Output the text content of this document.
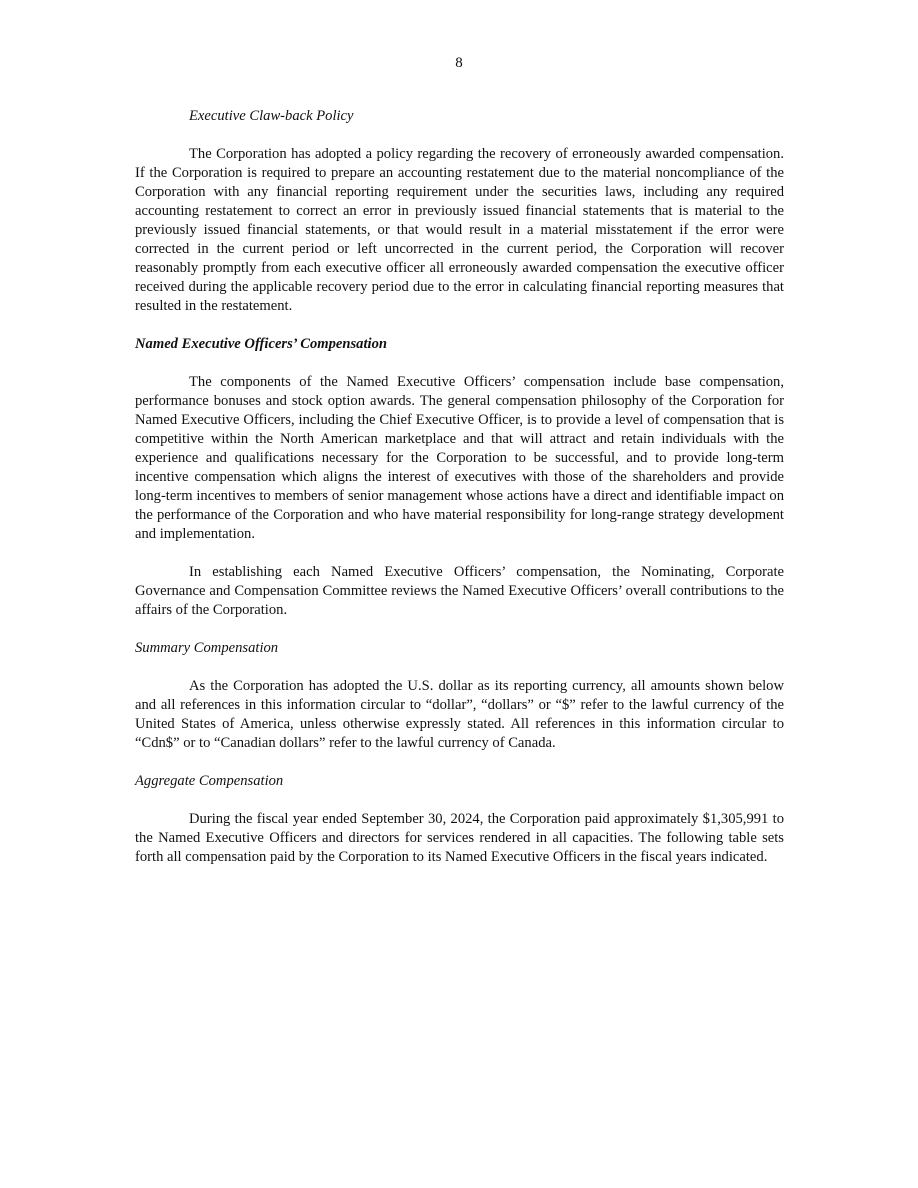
8
Executive Claw-back Policy

The Corporation has adopted a policy regarding the recovery of erroneously awarded compensation. If the Corporation is required to prepare an accounting restatement due to the material noncompliance of the Corporation with any financial reporting requirement under the securities laws, including any required accounting restatement to correct an error in previously issued financial statements that is material to the previously issued financial statements, or that would result in a material misstatement if the error were corrected in the current period or left uncorrected in the current period, the Corporation will recover reasonably promptly from each executive officer all erroneously awarded compensation the executive officer received during the applicable recovery period due to the error in calculating financial reporting measures that resulted in the restatement.

Named Executive Officers’ Compensation

The components of the Named Executive Officers’ compensation include base compensation, performance bonuses and stock option awards. The general compensation philosophy of the Corporation for Named Executive Officers, including the Chief Executive Officer, is to provide a level of compensation that is competitive within the North American marketplace and that will attract and retain individuals with the experience and qualifications necessary for the Corporation to be successful, and to provide long-term incentive compensation which aligns the interest of executives with those of the shareholders and provide long-term incentives to members of senior management whose actions have a direct and identifiable impact on the performance of the Corporation and who have material responsibility for long-range strategy development and implementation.

In establishing each Named Executive Officers’ compensation, the Nominating, Corporate Governance and Compensation Committee reviews the Named Executive Officers’ overall contributions to the affairs of the Corporation.

Summary Compensation

As the Corporation has adopted the U.S. dollar as its reporting currency, all amounts shown below and all references in this information circular to “dollar”, “dollars” or “$” refer to the lawful currency of the United States of America, unless otherwise expressly stated. All references in this information circular to “Cdn$” or to “Canadian dollars” refer to the lawful currency of Canada.

Aggregate Compensation

During the fiscal year ended September 30, 2024, the Corporation paid approximately $1,305,991 to the Named Executive Officers and directors for services rendered in all capacities. The following table sets forth all compensation paid by the Corporation to its Named Executive Officers in the fiscal years indicated.
